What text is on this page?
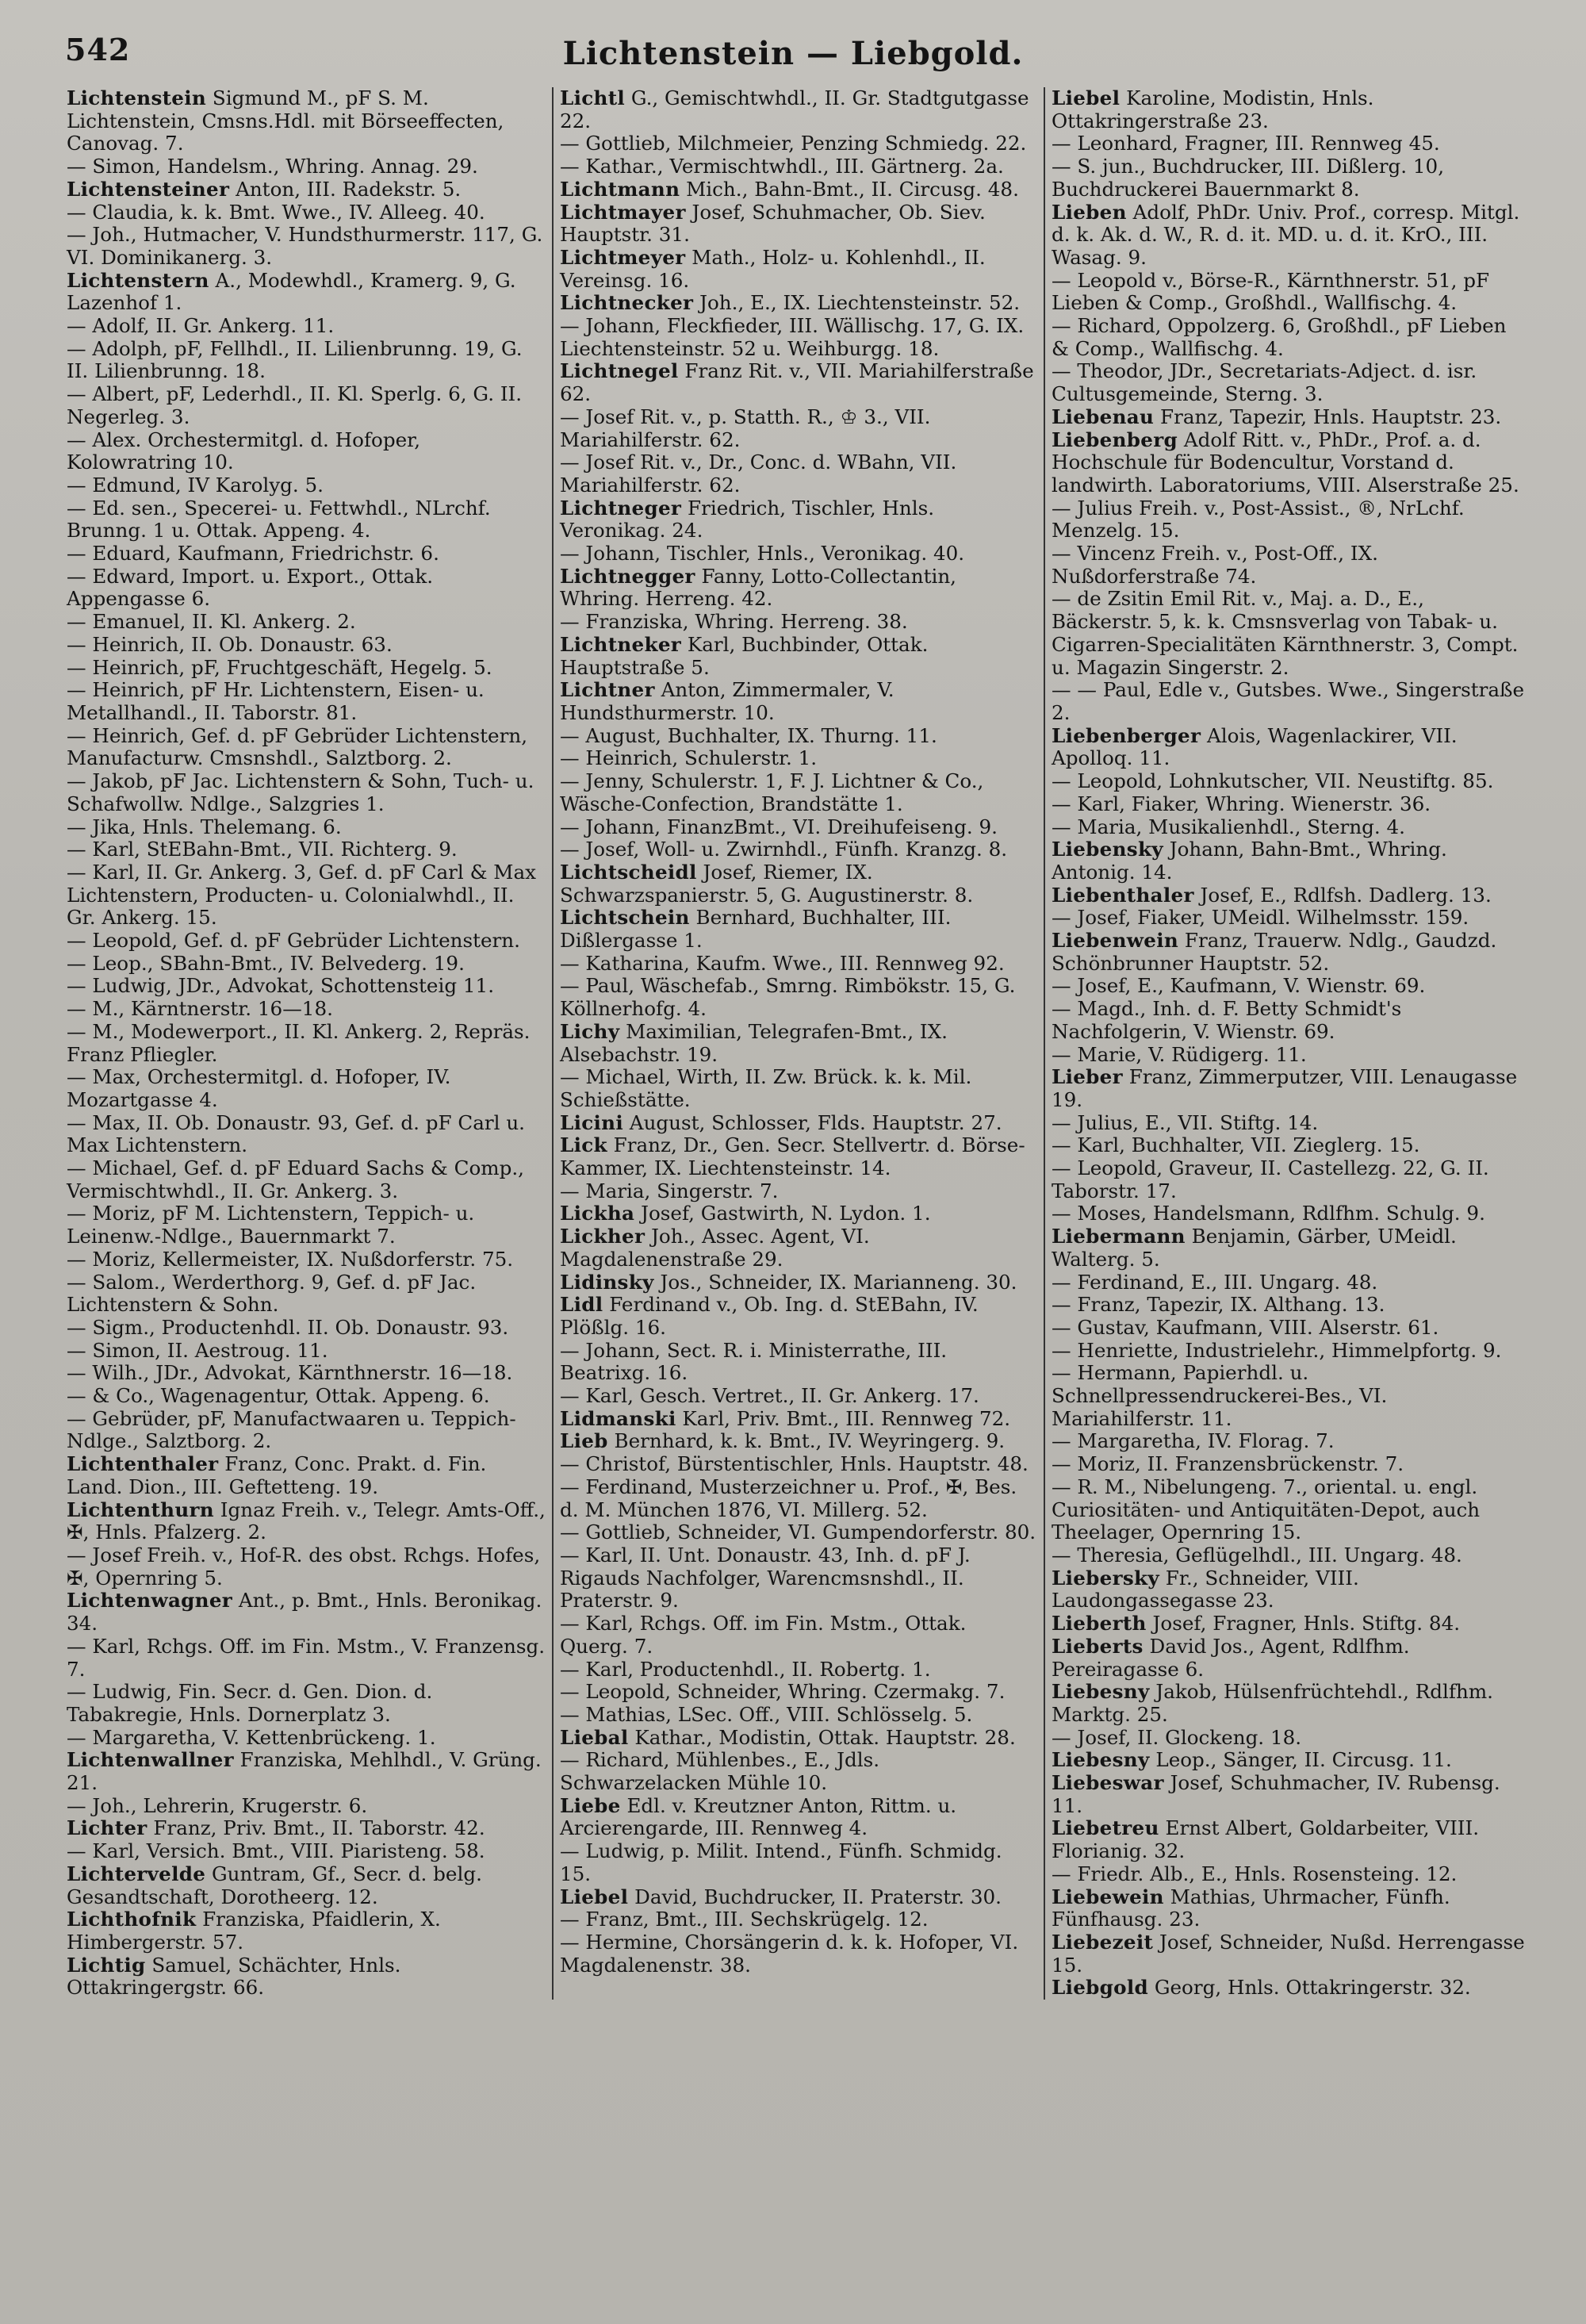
542	Lichtenstein — Liebgold.

Lichtenstein Sigmund M., pF S. M. Lichtenstein, Cmsns.Hdl. mit Börseeffecten, Canovag. 7.

— Simon, Handelsm., Whring. Annag. 29.

Lichtensteiner Anton, III. Radekstr. 5.

— Claudia, k. k. Bmt. Wwe., IV. Alleeg. 40.

— Joh., Hutmacher, V. Hundsthurmerstr. 117, G. VI. Dominikanerg. 3.

Lichtenstern A., Modewhdl., Kramerg. 9, G. Lazenhof 1.

— Adolf, II. Gr. Ankerg. 11.

— Adolph, pF, Fellhdl., II. Lilienbrunng. 19, G. II. Lilienbrunng. 18.

— Albert, pF, Lederhdl., II. Kl. Sperlg. 6, G. II. Negerleg. 3.

— Alex. Orchestermitgl. d. Hofoper, Kolowratring 10.

— Edmund, IV Karolyg. 5.

— Ed. sen., Specerei- u. Fettwhdl., NLrchf. Brunng. 1 u. Ottak. Appeng. 4.

— Eduard, Kaufmann, Friedrichstr. 6.

— Edward, Import. u. Export., Ottak. Appengasse 6.

— Emanuel, II. Kl. Ankerg. 2.

— Heinrich, II. Ob. Donaustr. 63.

— Heinrich, pF, Fruchtgeschäft, Hegelg. 5.

— Heinrich, pF Hr. Lichtenstern, Eisen- u. Metallhandl., II. Taborstr. 81.

— Heinrich, Gef. d. pF Gebrüder Lichtenstern, Manufacturw. Cmsnshdl., Salztborg. 2.

— Jakob, pF Jac. Lichtenstern & Sohn, Tuch- u. Schafwollw. Ndlge., Salzgries 1.

— Jika, Hnls. Thelemang. 6.

— Karl, StEBahn-Bmt., VII. Richterg. 9.

— Karl, II. Gr. Ankerg. 3, Gef. d. pF Carl & Max Lichtenstern, Producten- u. Colonialwhdl., II. Gr. Ankerg. 15.

— Leopold, Gef. d. pF Gebrüder Lichtenstern.

— Leop., SBahn-Bmt., IV. Belvederg. 19.

— Ludwig, JDr., Advokat, Schottensteig 11.

— M., Kärntnerstr. 16—18.

— M., Modewerport., II. Kl. Ankerg. 2, Repräs. Franz Pfliegler.

— Max, Orchestermitgl. d. Hofoper, IV. Mozartgasse 4.

— Max, II. Ob. Donaustr. 93, Gef. d. pF Carl u. Max Lichtenstern.

— Michael, Gef. d. pF Eduard Sachs & Comp., Vermischtwhdl., II. Gr. Ankerg. 3.

— Moriz, pF M. Lichtenstern, Teppich- u. Leinenw.-Ndlge., Bauernmarkt 7.

— Moriz, Kellermeister, IX. Nußdorferstr. 75.

— Salom., Werderthorg. 9, Gef. d. pF Jac. Lichtenstern & Sohn.

— Sigm., Productenhdl. II. Ob. Donaustr. 93.

— Simon, II. Aestroug. 11.

— Wilh., JDr., Advokat, Kärnthnerstr. 16—18.

— & Co., Wagenagentur, Ottak. Appeng. 6.

— Gebrüder, pF, Manufactwaaren u. Teppich-Ndlge., Salztborg. 2.

Lichtenthaler Franz, Conc. Prakt. d. Fin. Land. Dion., III. Geftetteng. 19.

Lichtenthurn Ignaz Freih. v., Telegr. Amts-Off., ✠, Hnls. Pfalzerg. 2.

— Josef Freih. v., Hof-R. des obst. Rchgs. Hofes, ✠, Opernring 5.

Lichtenwagner Ant., p. Bmt., Hnls. Beronikag. 34.

— Karl, Rchgs. Off. im Fin. Mstm., V. Franzensg. 7.

— Ludwig, Fin. Secr. d. Gen. Dion. d. Tabakregie, Hnls. Dornerplatz 3.

— Margaretha, V. Kettenbrückeng. 1.

Lichtenwallner Franziska, Mehlhdl., V. Grüng. 21.

— Joh., Lehrerin, Krugerstr. 6.

Lichter Franz, Priv. Bmt., II. Taborstr. 42.

— Karl, Versich. Bmt., VIII. Piaristeng. 58.

Lichtervelde Guntram, Gf., Secr. d. belg. Gesandtschaft, Dorotheerg. 12.

Lichthofnik Franziska, Pfaidlerin, X. Himbergerstr. 57.

Lichtig Samuel, Schächter, Hnls. Ottakringergstr. 66.

Lichtl G., Gemischtwhdl., II. Gr. Stadtgutgasse 22.

— Gottlieb, Milchmeier, Penzing Schmiedg. 22.

— Kathar., Vermischtwhdl., III. Gärtnerg. 2a.

Lichtmann Mich., Bahn-Bmt., II. Circusg. 48.

Lichtmayer Josef, Schuhmacher, Ob. Siev. Hauptstr. 31.

Lichtmeyer Math., Holz- u. Kohlenhdl., II. Vereinsg. 16.

Lichtnecker Joh., E., IX. Liechtensteinstr. 52.

— Johann, Fleckfieder, III. Wällischg. 17, G. IX. Liechtensteinstr. 52 u. Weihburgg. 18.

Lichtnegel Franz Rit. v., VII. Mariahilferstraße 62.

— Josef Rit. v., p. Statth. R., ♔ 3., VII. Mariahilferstr. 62.

— Josef Rit. v., Dr., Conc. d. WBahn, VII. Mariahilferstr. 62.

Lichtneger Friedrich, Tischler, Hnls. Veronikag. 24.

— Johann, Tischler, Hnls., Veronikag. 40.

Lichtnegger Fanny, Lotto-Collectantin, Whring. Herreng. 42.

— Franziska, Whring. Herreng. 38.

Lichtneker Karl, Buchbinder, Ottak. Hauptstraße 5.

Lichtner Anton, Zimmermaler, V. Hundsthurmerstr. 10.

— August, Buchhalter, IX. Thurng. 11.

— Heinrich, Schulerstr. 1.

— Jenny, Schulerstr. 1, F. J. Lichtner & Co., Wäsche-Confection, Brandstätte 1.

— Johann, FinanzBmt., VI. Dreihufeiseng. 9.

— Josef, Woll- u. Zwirnhdl., Fünfh. Kranzg. 8.

Lichtscheidl Josef, Riemer, IX. Schwarzspanierstr. 5, G. Augustinerstr. 8.

Lichtschein Bernhard, Buchhalter, III. Dißlergasse 1.

— Katharina, Kaufm. Wwe., III. Rennweg 92.

— Paul, Wäschefab., Smrng. Rimbökstr. 15, G. Köllnerhofg. 4.

Lichy Maximilian, Telegrafen-Bmt., IX. Alsebachstr. 19.

— Michael, Wirth, II. Zw. Brück. k. k. Mil. Schießstätte.

Licini August, Schlosser, Flds. Hauptstr. 27.

Lick Franz, Dr., Gen. Secr. Stellvertr. d. Börse-Kammer, IX. Liechtensteinstr. 14.

— Maria, Singerstr. 7.

Lickha Josef, Gastwirth, N. Lydon. 1.

Lickher Joh., Assec. Agent, VI. Magdalenenstraße 29.

Lidinsky Jos., Schneider, IX. Marianneng. 30.

Lidl Ferdinand v., Ob. Ing. d. StEBahn, IV. Plößlg. 16.

— Johann, Sect. R. i. Ministerrathe, III. Beatrixg. 16.

— Karl, Gesch. Vertret., II. Gr. Ankerg. 17.

Lidmanski Karl, Priv. Bmt., III. Rennweg 72.

Lieb Bernhard, k. k. Bmt., IV. Weyringerg. 9.

— Christof, Bürstentischler, Hnls. Hauptstr. 48.

— Ferdinand, Musterzeichner u. Prof., ✠, Bes. d. M. München 1876, VI. Millerg. 52.

— Gottlieb, Schneider, VI. Gumpendorferstr. 80.

— Karl, II. Unt. Donaustr. 43, Inh. d. pF J. Rigauds Nachfolger, Warencmsnshdl., II. Praterstr. 9.

— Karl, Rchgs. Off. im Fin. Mstm., Ottak. Querg. 7.

— Karl, Productenhdl., II. Robertg. 1.

— Leopold, Schneider, Whring. Czermakg. 7.

— Mathias, LSec. Off., VIII. Schlösselg. 5.

Liebal Kathar., Modistin, Ottak. Hauptstr. 28.

— Richard, Mühlenbes., E., Jdls. Schwarzelacken Mühle 10.

Liebe Edl. v. Kreutzner Anton, Rittm. u. Arcierengarde, III. Rennweg 4.

— Ludwig, p. Milit. Intend., Fünfh. Schmidg. 15.

Liebel David, Buchdrucker, II. Praterstr. 30.

— Franz, Bmt., III. Sechskrügelg. 12.

— Hermine, Chorsängerin d. k. k. Hofoper, VI. Magdalenenstr. 38.

Liebel Karoline, Modistin, Hnls. Ottakringerstraße 23.

— Leonhard, Fragner, III. Rennweg 45.

— S. jun., Buchdrucker, III. Dißlerg. 10, Buchdruckerei Bauernmarkt 8.

Lieben Adolf, PhDr. Univ. Prof., corresp. Mitgl. d. k. Ak. d. W., R. d. it. MD. u. d. it. KrO., III. Wasag. 9.

— Leopold v., Börse-R., Kärnthnerstr. 51, pF Lieben & Comp., Großhdl., Wallfischg. 4.

— Richard, Oppolzerg. 6, Großhdl., pF Lieben & Comp., Wallfischg. 4.

— Theodor, JDr., Secretariats-Adject. d. isr. Cultusgemeinde, Sterng. 3.

Liebenau Franz, Tapezir, Hnls. Hauptstr. 23.

Liebenberg Adolf Ritt. v., PhDr., Prof. a. d. Hochschule für Bodencultur, Vorstand d. landwirth. Laboratoriums, VIII. Alserstraße 25.

— Julius Freih. v., Post-Assist., ®, NrLchf. Menzelg. 15.

— Vincenz Freih. v., Post-Off., IX. Nußdorferstraße 74.

— de Zsitin Emil Rit. v., Maj. a. D., E., Bäckerstr. 5, k. k. Cmsnsverlag von Tabak- u. Cigarren-Specialitäten Kärnthnerstr. 3, Compt. u. Magazin Singerstr. 2.

— — Paul, Edle v., Gutsbes. Wwe., Singerstraße 2.

Liebenberger Alois, Wagenlackirer, VII. Apolloq. 11.

— Leopold, Lohnkutscher, VII. Neustiftg. 85.

— Karl, Fiaker, Whring. Wienerstr. 36.

— Maria, Musikalienhdl., Sterng. 4.

Liebensky Johann, Bahn-Bmt., Whring. Antonig. 14.

Liebenthaler Josef, E., Rdlfsh. Dadlerg. 13.

— Josef, Fiaker, UMeidl. Wilhelmsstr. 159.

Liebenwein Franz, Trauerw. Ndlg., Gaudzd. Schönbrunner Hauptstr. 52.

— Josef, E., Kaufmann, V. Wienstr. 69.

— Magd., Inh. d. F. Betty Schmidt's Nachfolgerin, V. Wienstr. 69.

— Marie, V. Rüdigerg. 11.

Lieber Franz, Zimmerputzer, VIII. Lenaugasse 19.

— Julius, E., VII. Stiftg. 14.

— Karl, Buchhalter, VII. Zieglerg. 15.

— Leopold, Graveur, II. Castellezg. 22, G. II. Taborstr. 17.

— Moses, Handelsmann, Rdlfhm. Schulg. 9.

Liebermann Benjamin, Gärber, UMeidl. Walterg. 5.

— Ferdinand, E., III. Ungarg. 48.

— Franz, Tapezir, IX. Althang. 13.

— Gustav, Kaufmann, VIII. Alserstr. 61.

— Henriette, Industrielehr., Himmelpfortg. 9.

— Hermann, Papierhdl. u. Schnellpressendruckerei-Bes., VI. Mariahilferstr. 11.

— Margaretha, IV. Florag. 7.

— Moriz, II. Franzensbrückenstr. 7.

— R. M., Nibelungeng. 7., oriental. u. engl. Curiositäten- und Antiquitäten-Depot, auch Theelager, Opernring 15.

— Theresia, Geflügelhdl., III. Ungarg. 48.

Liebersky Fr., Schneider, VIII. Laudongassegasse 23.

Lieberth Josef, Fragner, Hnls. Stiftg. 84.

Lieberts David Jos., Agent, Rdlfhm. Pereiragasse 6.

Liebesny Jakob, Hülsenfrüchtehdl., Rdlfhm. Marktg. 25.

— Josef, II. Glockeng. 18.

Liebesny Leop., Sänger, II. Circusg. 11.

Liebeswar Josef, Schuhmacher, IV. Rubensg. 11.

Liebetreu Ernst Albert, Goldarbeiter, VIII. Florianig. 32.

— Friedr. Alb., E., Hnls. Rosensteing. 12.

Liebewein Mathias, Uhrmacher, Fünfh. Fünfhausg. 23.

Liebezeit Josef, Schneider, Nußd. Herrengasse 15.

Liebgold Georg, Hnls. Ottakringerstr. 32.
